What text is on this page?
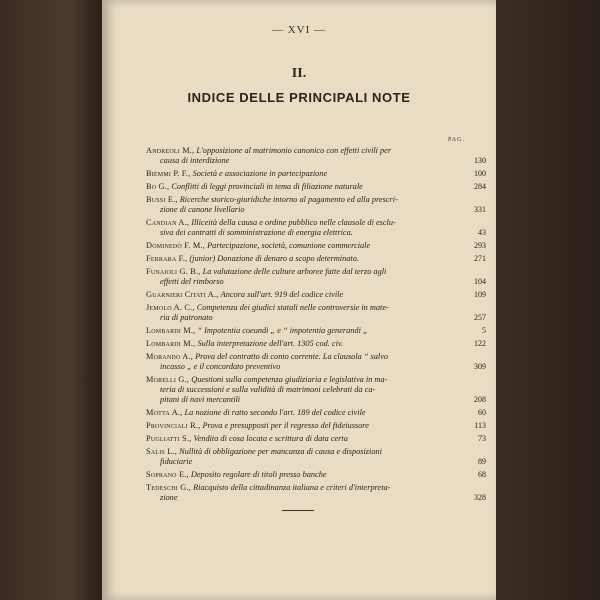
— XVI —
II.
INDICE DELLE PRINCIPALI NOTE
PAG.
Andreoli M., L'opposizione al matrimonio canonico con effetti civili per
causa di interdizione	130
Biemmi P. F., Società e associazione in partecipazione	100
Bo G., Conflitti di leggi provinciali in tema di filiazione naturale	284
Bussi E., Ricerche storico-giuridiche intorno al pagamento ed alla prescri-
zione di canone livellario	331
Candian A., Illiceità della causa e ordine pubblico nelle clausole di esclu-
siva dei contratti di somministrazione di energia elettrica.	43
Dominedò F. M., Partecipazione, società, comunione commerciale	293
Ferrara F., (junior) Donazione di denaro a scopo determinato.	271
Funaioli G. B., La valutazione delle culture arboree fatte dal terzo agli
effetti del rimborso	104
Guarnieri Citati A., Ancora sull'art. 919 del codice civile	109
Jemolo A. C., Competenza dei giudici statali nelle controversie in mate-
ria di patronato	257
Lombardi M., “ Impotentia coeundi „ e “ impotentia generandi „	5
Lombardi M., Sulla interpretazione dell'art. 1305 cod. civ.	122
Morando A., Prova del contratto di conto corrente. La clausola “ salvo
incasso „ e il concordato preventivo	309
Morelli G., Questioni sulla competenza giudiziaria e legislativa in ma-
teria di successioni e sulla validità di matrimoni celebrati da ca-
pitani di navi mercantili	208
Motta A., La nozione di ratto secondo l'art. 189 del codice civile	60
Provinciali R., Prova e presupposti per il regresso del fideiussore	113
Pugliatti S., Vendita di cosa locata e scrittura di data certa	73
Salis L., Nullità di obbligazione per mancanza di causa e disposizioni
fiduciarie	89
Soprano E., Deposito regolare di titoli presso banche	68
Tedeschi G., Riacquisto della cittadinanza italiana e criteri d'interpreta-
zione	328
